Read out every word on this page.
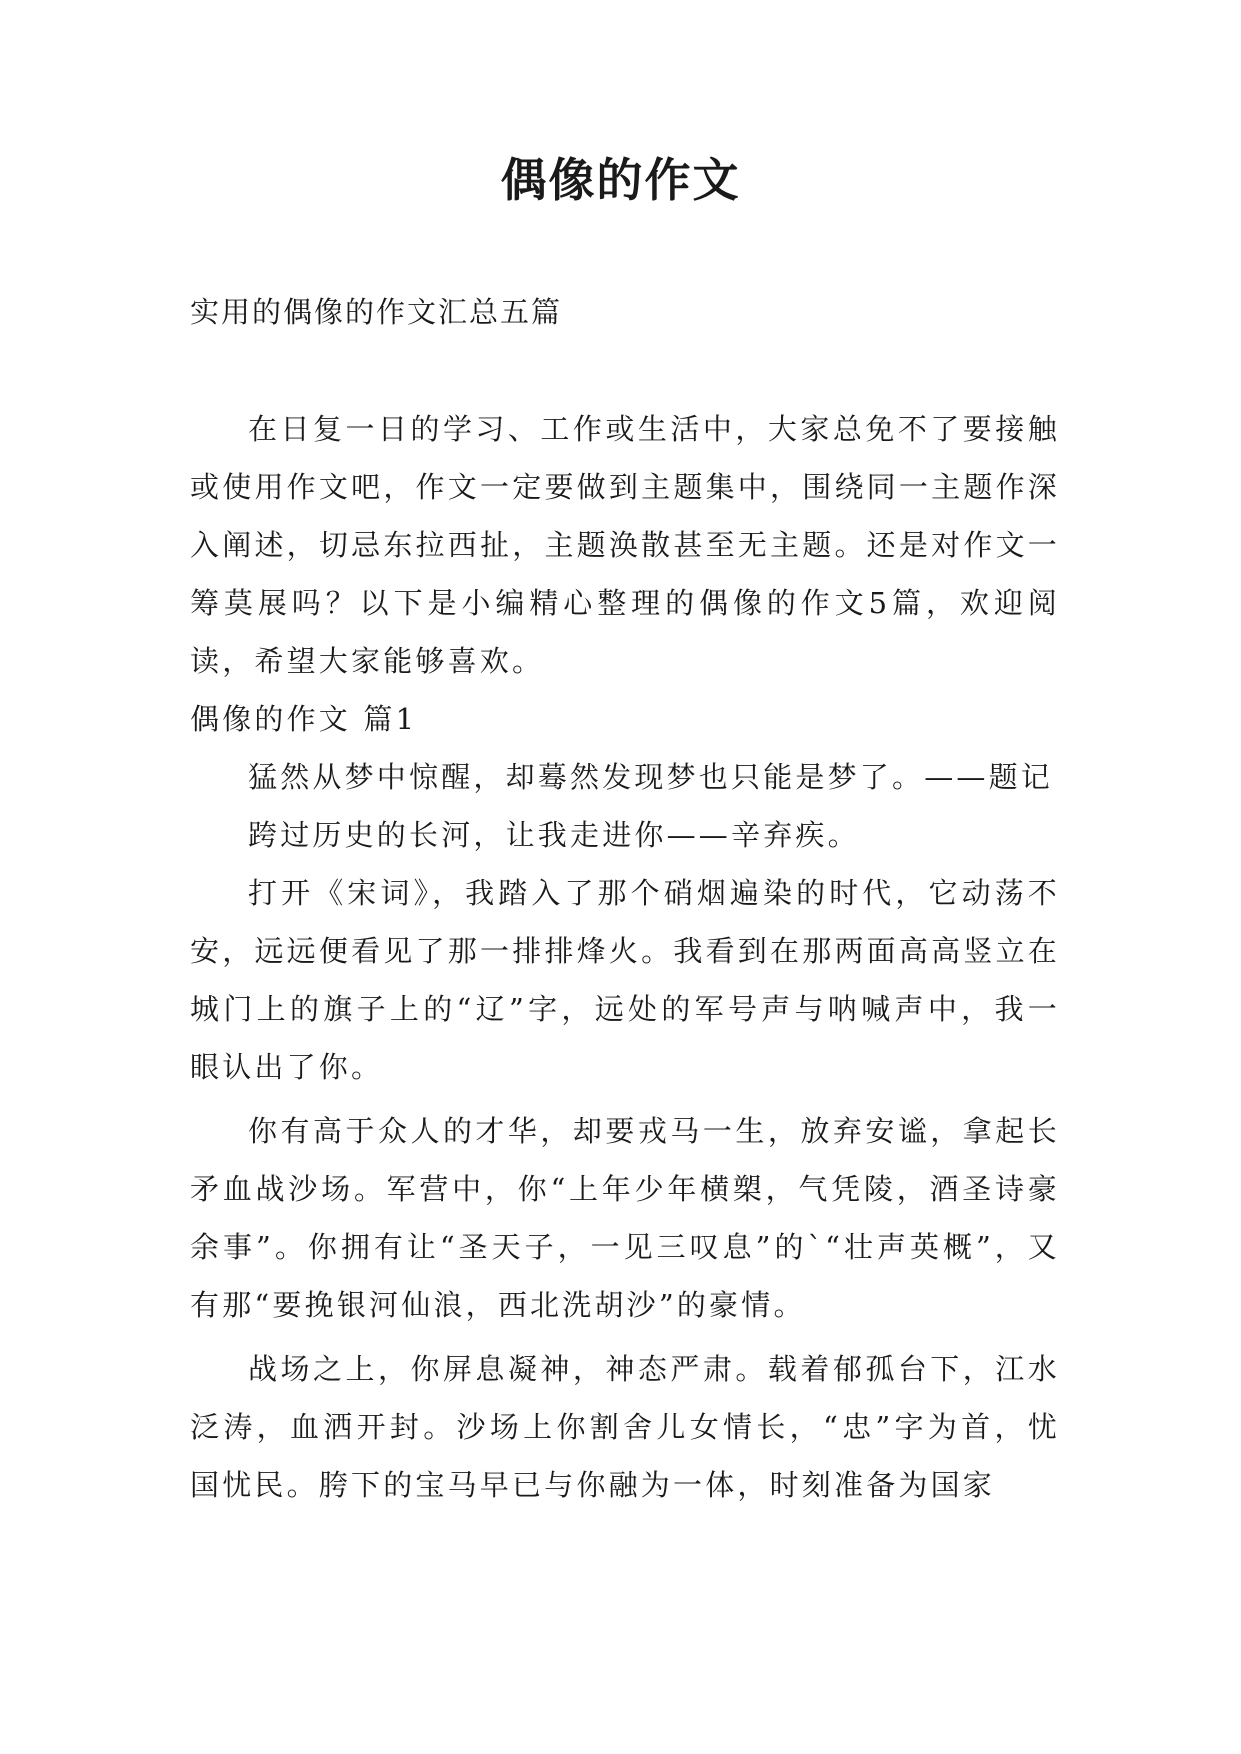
偶像的作文
实用的偶像的作文汇总五篇

在日复一日的学习、工作或生活中，大家总免不了要接触或使用作文吧，作文一定要做到主题集中，围绕同一主题作深入阐述，切忌东拉西扯，主题涣散甚至无主题。还是对作文一筹莫展吗？以下是小编精心整理的偶像的作文5篇，欢迎阅读，希望大家能够喜欢。

偶像的作文 篇1

猛然从梦中惊醒，却蓦然发现梦也只能是梦了。——题记

跨过历史的长河，让我走进你——辛弃疾。

打开《宋词》，我踏入了那个硝烟遍染的时代，它动荡不安，远远便看见了那一排排烽火。我看到在那两面高高竖立在城门上的旗子上的“辽”字，远处的军号声与呐喊声中，我一眼认出了你。

你有高于众人的才华，却要戎马一生，放弃安谧，拿起长矛血战沙场。军营中，你“上年少年横槊，气凭陵，酒圣诗豪余事”。你拥有让“圣天子，一见三叹息”的`“壮声英概”，又有那“要挽银河仙浪，西北洗胡沙”的豪情。

战场之上，你屏息凝神，神态严肃。载着郁孤台下，江水泛涛，血洒开封。沙场上你割舍儿女情长，“忠”字为首，忧国忧民。胯下的宝马早已与你融为一体，时刻准备为国家
